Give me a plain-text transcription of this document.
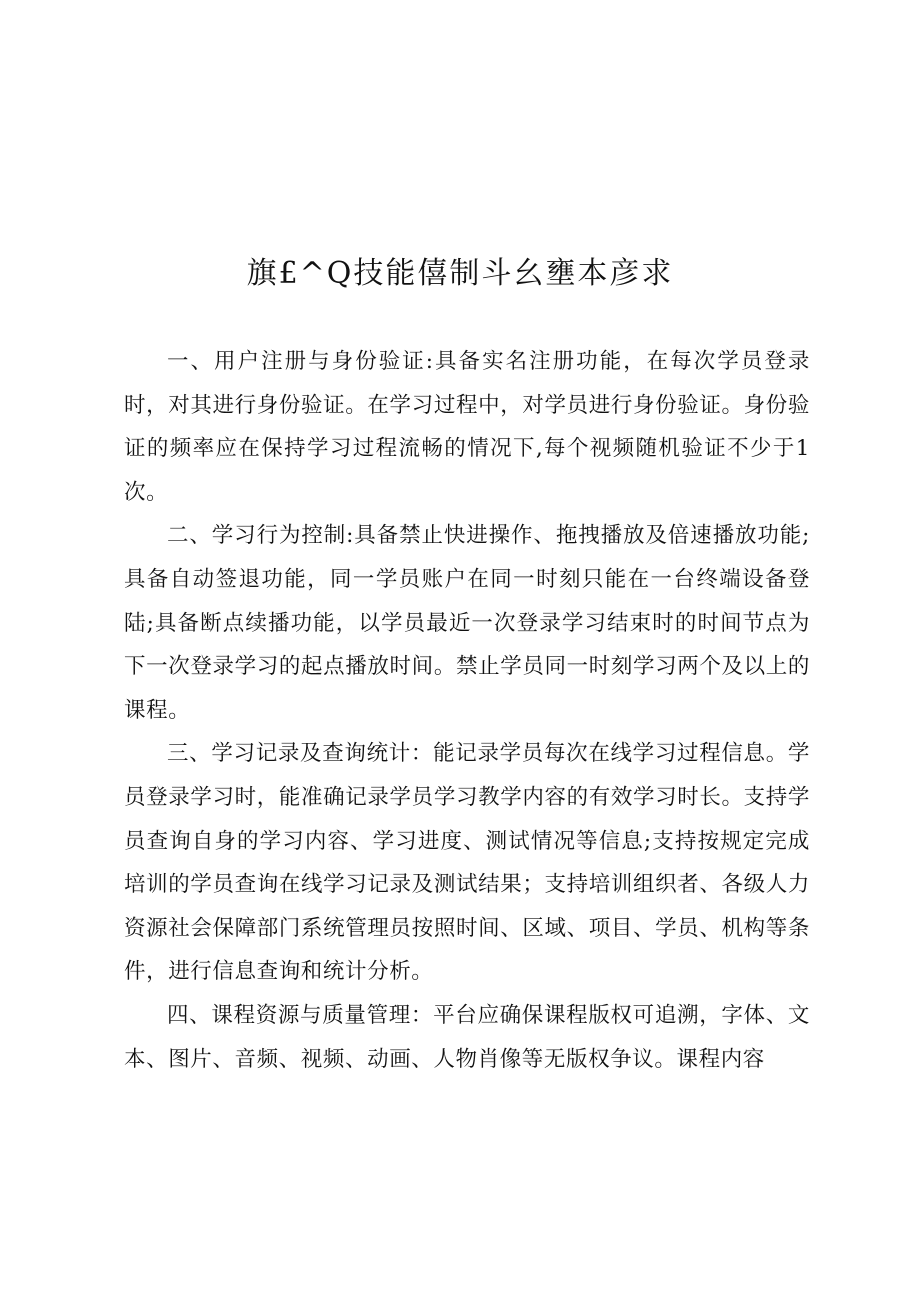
旗£^Q技能僖制斗幺壅本彦求

一、用户注册与身份验证:具备实名注册功能，在每次学员登录时，对其进行身份验证。在学习过程中，对学员进行身份验证。身份验证的频率应在保持学习过程流畅的情况下,每个视频随机验证不少于1次。

二、学习行为控制:具备禁止快进操作、拖拽播放及倍速播放功能;具备自动签退功能，同一学员账户在同一时刻只能在一台终端设备登陆;具备断点续播功能，以学员最近一次登录学习结束时的时间节点为下一次登录学习的起点播放时间。禁止学员同一时刻学习两个及以上的课程。

三、学习记录及查询统计：能记录学员每次在线学习过程信息。学员登录学习时，能准确记录学员学习教学内容的有效学习时长。支持学员查询自身的学习内容、学习进度、测试情况等信息;支持按规定完成培训的学员查询在线学习记录及测试结果；支持培训组织者、各级人力资源社会保障部门系统管理员按照时间、区域、项目、学员、机构等条件，进行信息查询和统计分析。

四、课程资源与质量管理：平台应确保课程版权可追溯，字体、文本、图片、音频、视频、动画、人物肖像等无版权争议。课程内容
